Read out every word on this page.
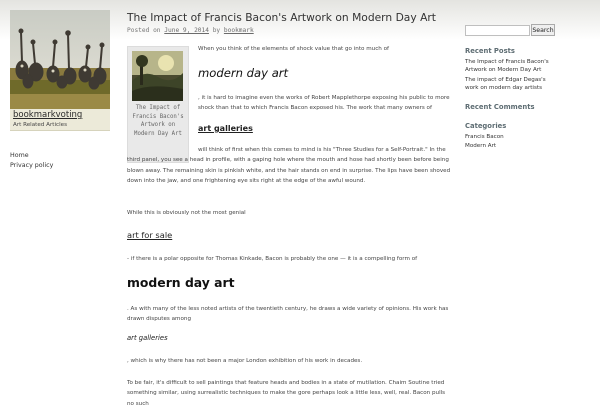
bookmarkvoting
Art Related Articles
Home
Privacy policy
The Impact of Francis Bacon's Artwork on Modern Day Art
Posted on June 9, 2014 by bookmark
The Impact of Francis Bacon's Artwork on Modern Day Art

When you think of the elements of shock value that go into much of

modern day art

, it is hard to imagine even the works of Robert Mapplethorpe exposing his public to more shock than that to which Francis Bacon exposed his. The work that many owners of

art galleries

will think of first when this comes to mind is his "Three Studies for a Self-Portrait." In the third panel, you see a head in profile, with a gaping hole where the mouth and hose had shortly been before being blown away. The remaining skin is pinkish white, and the hair stands on end in surprise. The lips have been shoved down into the jaw, and one frightening eye sits right at the edge of the awful wound.

While this is obviously not the most genial

art for sale

- if there is a polar opposite for Thomas Kinkade, Bacon is probably the one — it is a compelling form of

modern day art

. As with many of the less noted artists of the twentieth century, he draws a wide variety of opinions. His work has drawn disputes among

art galleries

, which is why there has not been a major London exhibition of his work in decades.

To be fair, it's difficult to sell paintings that feature heads and bodies in a state of mutilation. Chaim Soutine tried something similar, using surrealistic techniques to make the gore perhaps look a little less, well, real. Bacon pulls no such

Search
Recent Posts
The Impact of Francis Bacon's Artwork on Modern Day Art
The impact of Edgar Degas's work on modern day artists
Recent Comments
Categories
Francis Bacon
Modern Art
